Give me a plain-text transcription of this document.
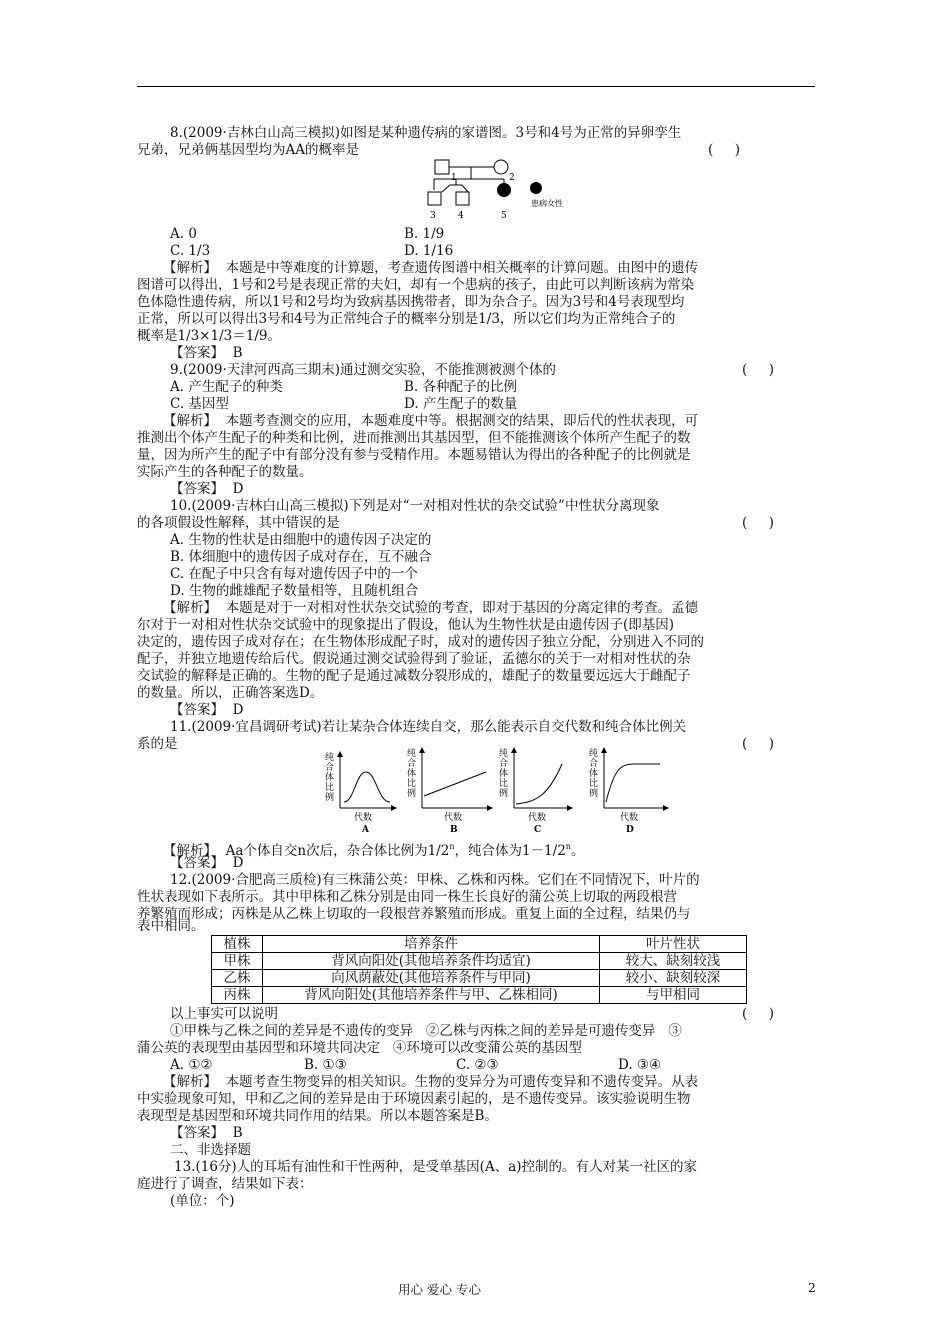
8.(2009·吉林白山高三模拟)如图是某种遗传病的家谱图。3号和4号为正常的异卵孪生
兄弟，兄弟俩基因型均为AA的概率是	(     )
1	2
患病女性
3 4	5
A. 0	B. 1/9
C. 1/3	D. 1/16
【解析】  本题是中等难度的计算题，考查遗传图谱中相关概率的计算问题。由图中的遗传
图谱可以得出，1号和2号是表现正常的夫妇，却有一个患病的孩子，由此可以判断该病为常染
色体隐性遗传病，所以1号和2号均为致病基因携带者，即为杂合子。因为3号和4号表现型均
正常，所以可以得出3号和4号为正常纯合子的概率分别是1/3，所以它们均为正常纯合子的
概率是1/3×1/3＝1/9。
【答案】  B
9.(2009·天津河西高三期末)通过测交实验，不能推测被测个体的	(     )
A. 产生配子的种类	B. 各种配子的比例
C. 基因型	D. 产生配子的数量
【解析】  本题考查测交的应用，本题难度中等。根据测交的结果，即后代的性状表现，可
推测出个体产生配子的种类和比例，进而推测出其基因型，但不能推测该个体所产生配子的数
量，因为所产生的配子中有部分没有参与受精作用。本题易错认为得出的各种配子的比例就是
实际产生的各种配子的数量。
【答案】  D
10.(2009·吉林白山高三模拟)下列是对“一对相对性状的杂交试验”中性状分离现象
的各项假设性解释，其中错误的是	(     )
A. 生物的性状是由细胞中的遗传因子决定的
B. 体细胞中的遗传因子成对存在，互不融合
C. 在配子中只含有每对遗传因子中的一个
D. 生物的雌雄配子数量相等，且随机组合
【解析】  本题是对于一对相对性状杂交试验的考查，即对于基因的分离定律的考查。孟德
尔对于一对相对性状杂交试验中的现象提出了假设，他认为生物性状是由遗传因子(即基因)
决定的，遗传因子成对存在；在生物体形成配子时，成对的遗传因子独立分配，分别进入不同的
配子，并独立地遗传给后代。假说通过测交试验得到了验证，孟德尔的关于一对相对性状的杂
交试验的解释是正确的。生物的配子是通过减数分裂形成的，雄配子的数量要远远大于雌配子
的数量。所以，正确答案选D。
【答案】  D
11.(2009·宜昌调研考试)若让某杂合体连续自交，那么能表示自交代数和纯合体比例关
系的是	(     )
纯合体比例
代数
A
纯合体比例
代数
B
纯合体比例
代数
C
纯合体比例
代数
D
【解析】  Aa个体自交n次后，杂合体比例为1/2$^n$，纯合体为$1-1/2^n$。
【答案】  D
12.(2009·合肥高三质检)有三株蒲公英：甲株、乙株和丙株。它们在不同情况下，叶片的
性状表现如下表所示。其中甲株和乙株分别是由同一株生长良好的蒲公英上切取的两段根营
养繁殖而形成；丙株是从乙株上切取的一段根营养繁殖而形成。重复上面的全过程，结果仍与
表中相同。
植株	培养条件	叶片性状
甲株	背风向阳处(其他培养条件均适宜)	较大、缺刻较浅
乙株	向风荫蔽处(其他培养条件与甲同)	较小、缺刻较深
丙株	背风向阳处(其他培养条件与甲、乙株相同)	与甲相同
以上事实可以说明	(     )
①甲株与乙株之间的差异是不遗传的变异   ②乙株与丙株之间的差异是可遗传变异   ③
蒲公英的表现型由基因型和环境共同决定   ④环境可以改变蒲公英的基因型
A. ①②	B. ①③	C. ②③	D. ③④
【解析】  本题考查生物变异的相关知识。生物的变异分为可遗传变异和不遗传变异。从表
中实验现象可知，甲和乙之间的差异是由于环境因素引起的，是不遗传变异。该实验说明生物
表现型是基因型和环境共同作用的结果。所以本题答案是B。
【答案】  B
二、非选择题
13.(16分)人的耳垢有油性和干性两种，是受单基因(A、a)控制的。有人对某一社区的家
庭进行了调查，结果如下表：
(单位：个)
用心 爱心 专心	2
